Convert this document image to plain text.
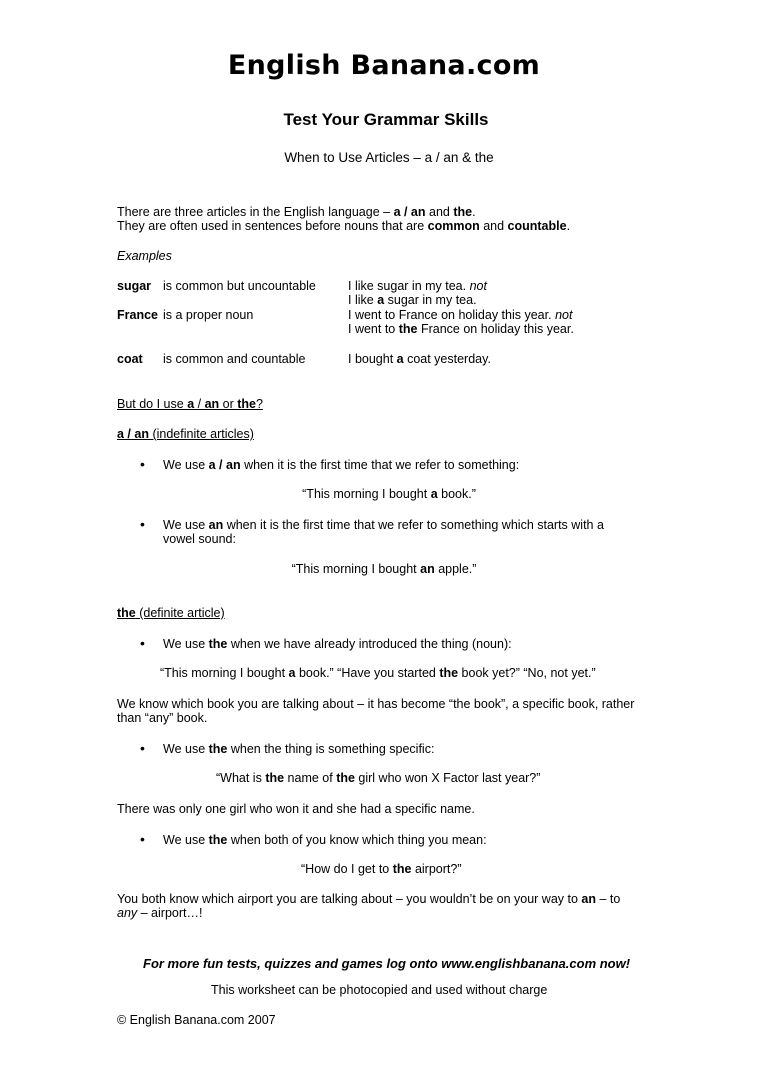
English Banana.com
Test Your Grammar Skills
When to Use Articles – a / an & the
There are three articles in the English language – a / an and the.
They are often used in sentences before nouns that are common and countable.
Examples
sugar is common but uncountable	I like sugar in my tea. not
I like a sugar in my tea.
France is a proper noun	I went to France on holiday this year. not
I went to the France on holiday this year.
coat is common and countable	I bought a coat yesterday.
But do I use a / an or the?
a / an (indefinite articles)
• We use a / an when it is the first time that we refer to something:
“This morning I bought a book.”
• We use an when it is the first time that we refer to something which starts with a
vowel sound:
“This morning I bought an apple.”
the (definite article)
• We use the when we have already introduced the thing (noun):
“This morning I bought a book.” “Have you started the book yet?” “No, not yet.”
We know which book you are talking about – it has become “the book”, a specific book, rather
than “any” book.
• We use the when the thing is something specific:
“What is the name of the girl who won X Factor last year?”
There was only one girl who won it and she had a specific name.
• We use the when both of you know which thing you mean:
“How do I get to the airport?”
You both know which airport you are talking about – you wouldn’t be on your way to an – to
any – airport…!
For more fun tests, quizzes and games log onto www.englishbanana.com now!
This worksheet can be photocopied and used without charge
© English Banana.com 2007
